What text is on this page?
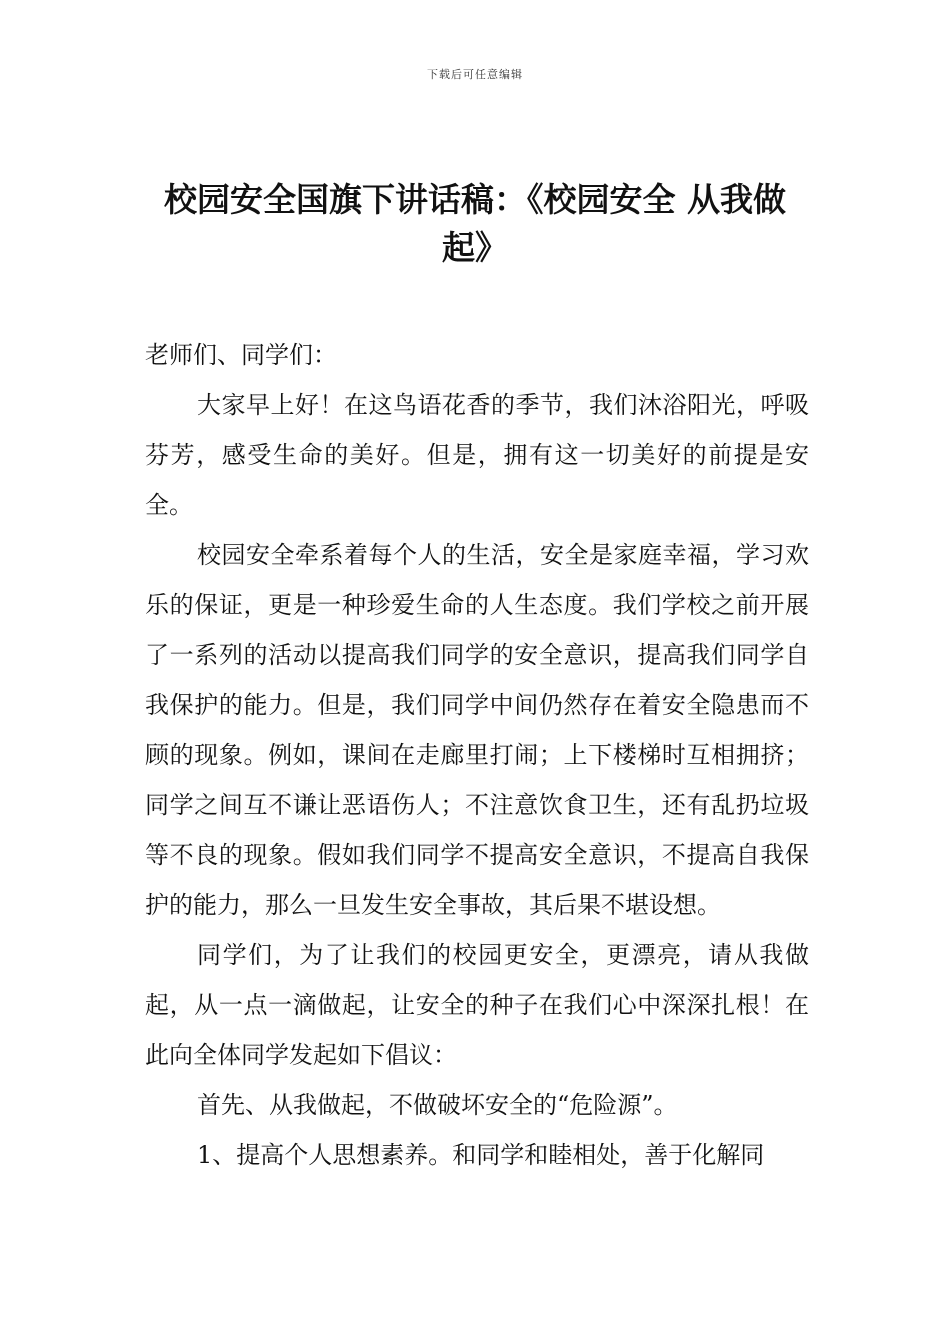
下载后可任意编辑
校园安全国旗下讲话稿：《校园安全 从我做起》

老师们、同学们：

大家早上好！在这鸟语花香的季节，我们沐浴阳光，呼吸芬芳，感受生命的美好。但是，拥有这一切美好的前提是安全。

校园安全牵系着每个人的生活，安全是家庭幸福，学习欢乐的保证，更是一种珍爱生命的人生态度。我们学校之前开展了一系列的活动以提高我们同学的安全意识，提高我们同学自我保护的能力。但是，我们同学中间仍然存在着安全隐患而不顾的现象。例如，课间在走廊里打闹；上下楼梯时互相拥挤；同学之间互不谦让恶语伤人；不注意饮食卫生，还有乱扔垃圾等不良的现象。假如我们同学不提高安全意识，不提高自我保护的能力，那么一旦发生安全事故，其后果不堪设想。

同学们，为了让我们的校园更安全，更漂亮，请从我做起，从一点一滴做起，让安全的种子在我们心中深深扎根！在此向全体同学发起如下倡议：

首先、从我做起，不做破坏安全的“危险源”。

1、提高个人思想素养。和同学和睦相处，善于化解同
